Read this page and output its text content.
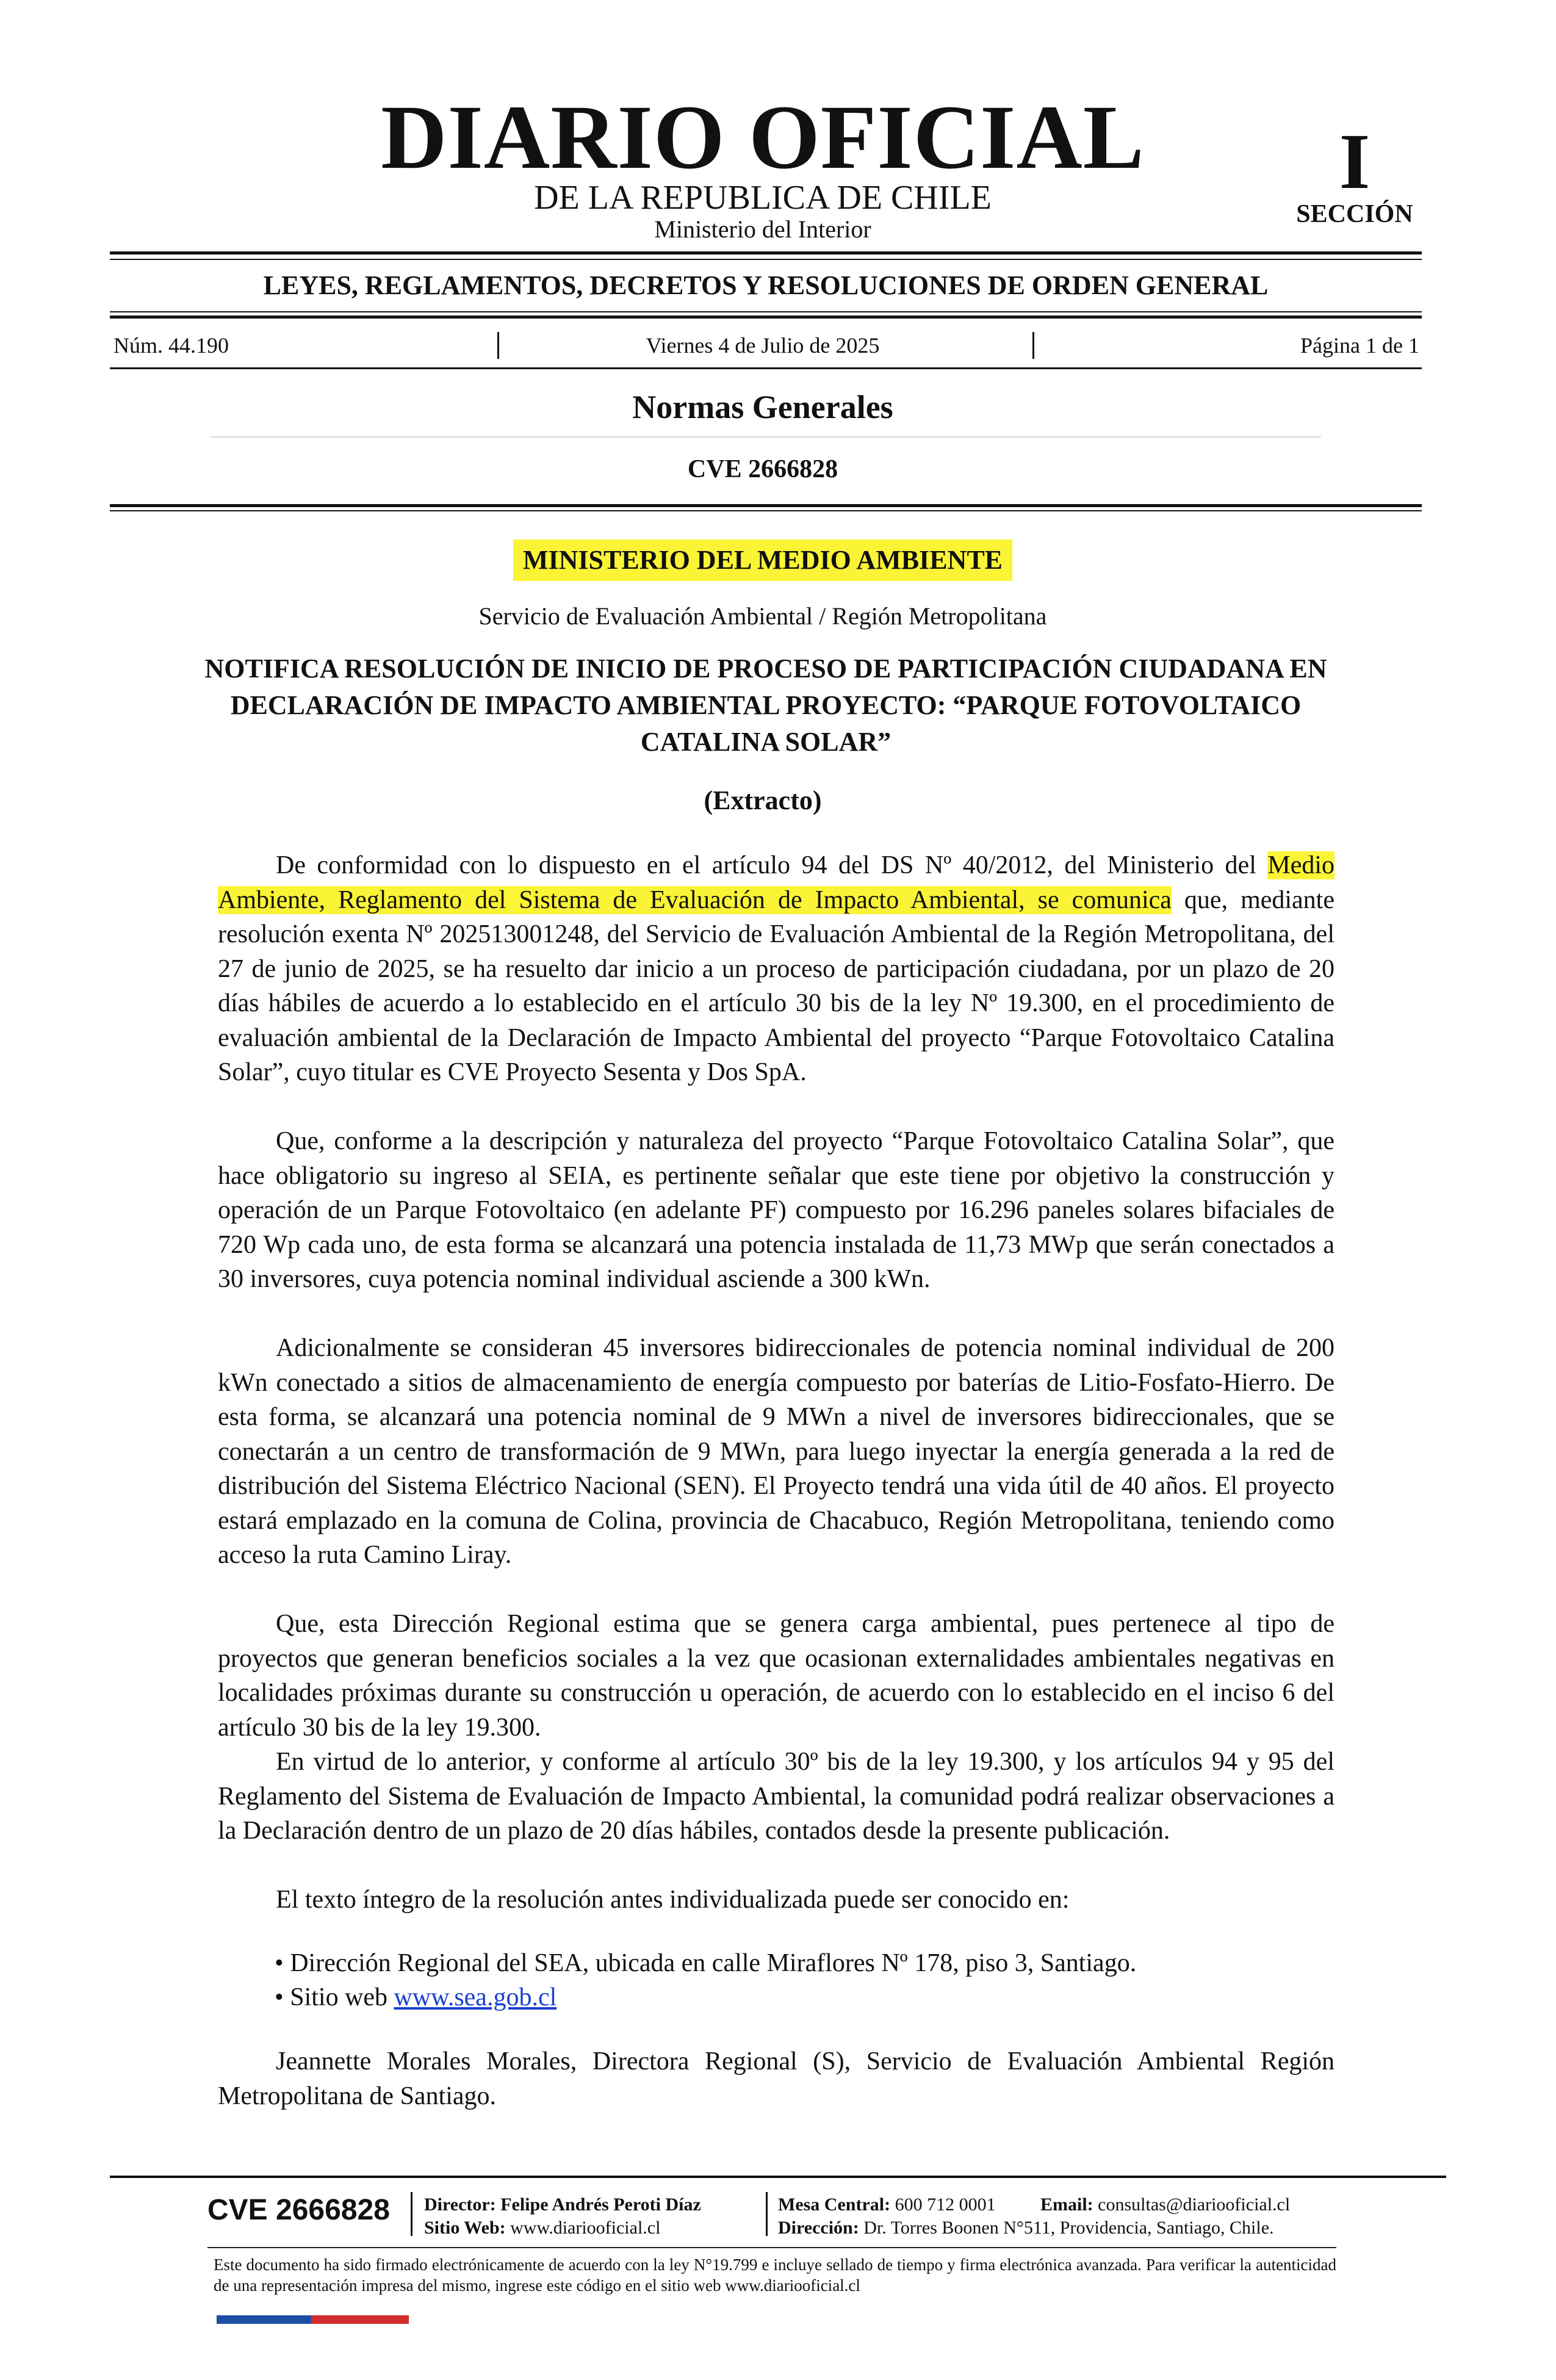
DIARIO OFICIAL
DE LA REPUBLICA DE CHILE
Ministerio del Interior
I
SECCIÓN
LEYES, REGLAMENTOS, DECRETOS Y RESOLUCIONES DE ORDEN GENERAL
Núm. 44.190	Viernes 4 de Julio de 2025	Página 1 de 1
Normas Generales
CVE 2666828
MINISTERIO DEL MEDIO AMBIENTE
Servicio de Evaluación Ambiental / Región Metropolitana
NOTIFICA RESOLUCIÓN DE INICIO DE PROCESO DE PARTICIPACIÓN CIUDADANA EN DECLARACIÓN DE IMPACTO AMBIENTAL PROYECTO: “PARQUE FOTOVOLTAICO CATALINA SOLAR”
(Extracto)

De conformidad con lo dispuesto en el artículo 94 del DS Nº 40/2012, del Ministerio del Medio Ambiente, Reglamento del Sistema de Evaluación de Impacto Ambiental, se comunica que, mediante resolución exenta Nº 202513001248, del Servicio de Evaluación Ambiental de la Región Metropolitana, del 27 de junio de 2025, se ha resuelto dar inicio a un proceso de participación ciudadana, por un plazo de 20 días hábiles de acuerdo a lo establecido en el artículo 30 bis de la ley Nº 19.300, en el procedimiento de evaluación ambiental de la Declaración de Impacto Ambiental del proyecto “Parque Fotovoltaico Catalina Solar”, cuyo titular es CVE Proyecto Sesenta y Dos SpA.

Que, conforme a la descripción y naturaleza del proyecto “Parque Fotovoltaico Catalina Solar”, que hace obligatorio su ingreso al SEIA, es pertinente señalar que este tiene por objetivo la construcción y operación de un Parque Fotovoltaico (en adelante PF) compuesto por 16.296 paneles solares bifaciales de 720 Wp cada uno, de esta forma se alcanzará una potencia instalada de 11,73 MWp que serán conectados a 30 inversores, cuya potencia nominal individual asciende a 300 kWn.

Adicionalmente se consideran 45 inversores bidireccionales de potencia nominal individual de 200 kWn conectado a sitios de almacenamiento de energía compuesto por baterías de Litio-Fosfato-Hierro. De esta forma, se alcanzará una potencia nominal de 9 MWn a nivel de inversores bidireccionales, que se conectarán a un centro de transformación de 9 MWn, para luego inyectar la energía generada a la red de distribución del Sistema Eléctrico Nacional (SEN). El Proyecto tendrá una vida útil de 40 años. El proyecto estará emplazado en la comuna de Colina, provincia de Chacabuco, Región Metropolitana, teniendo como acceso la ruta Camino Liray.

Que, esta Dirección Regional estima que se genera carga ambiental, pues pertenece al tipo de proyectos que generan beneficios sociales a la vez que ocasionan externalidades ambientales negativas en localidades próximas durante su construcción u operación, de acuerdo con lo establecido en el inciso 6 del artículo 30 bis de la ley 19.300.

En virtud de lo anterior, y conforme al artículo 30º bis de la ley 19.300, y los artículos 94 y 95 del Reglamento del Sistema de Evaluación de Impacto Ambiental, la comunidad podrá realizar observaciones a la Declaración dentro de un plazo de 20 días hábiles, contados desde la presente publicación.

El texto íntegro de la resolución antes individualizada puede ser conocido en:

• Dirección Regional del SEA, ubicada en calle Miraflores Nº 178, piso 3, Santiago.
• Sitio web www.sea.gob.cl

Jeannette Morales Morales, Directora Regional (S), Servicio de Evaluación Ambiental Región Metropolitana de Santiago.

CVE 2666828 Director: Felipe Andrés Peroti Díaz
Sitio Web: www.diariooficial.cl
Mesa Central: 600 712 0001 Email: consultas@diariooficial.cl
Dirección: Dr. Torres Boonen N°511, Providencia, Santiago, Chile.

Este documento ha sido firmado electrónicamente de acuerdo con la ley N°19.799 e incluye sellado de tiempo y firma electrónica avanzada. Para verificar la autenticidad de una representación impresa del mismo, ingrese este código en el sitio web www.diariooficial.cl
